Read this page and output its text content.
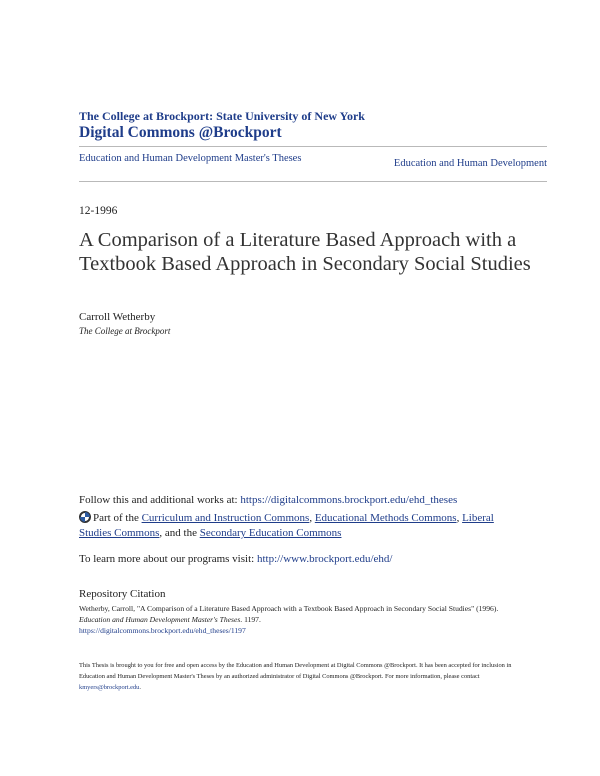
The College at Brockport: State University of New York
Digital Commons @Brockport
Education and Human Development Master's Theses	Education and Human Development
12-1996
A Comparison of a Literature Based Approach with a Textbook Based Approach in Secondary Social Studies
Carroll Wetherby
The College at Brockport
Follow this and additional works at: https://digitalcommons.brockport.edu/ehd_theses
Part of the Curriculum and Instruction Commons, Educational Methods Commons, Liberal Studies Commons, and the Secondary Education Commons
To learn more about our programs visit: http://www.brockport.edu/ehd/
Repository Citation
Wetherby, Carroll, "A Comparison of a Literature Based Approach with a Textbook Based Approach in Secondary Social Studies" (1996). Education and Human Development Master's Theses. 1197.
https://digitalcommons.brockport.edu/ehd_theses/1197
This Thesis is brought to you for free and open access by the Education and Human Development at Digital Commons @Brockport. It has been accepted for inclusion in Education and Human Development Master's Theses by an authorized administrator of Digital Commons @Brockport. For more information, please contact kmyers@brockport.edu.
